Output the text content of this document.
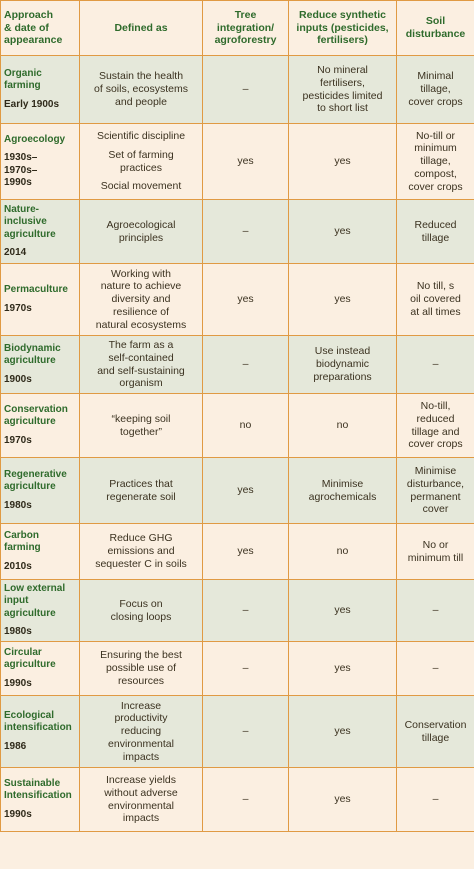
Approach
& date of
appearance	Defined as	Tree
integration/
agroforestry	Reduce synthetic
inputs (pesticides,
fertilisers)	Soil
disturbance

Organic
farming
Early 1900s	Sustain the health
of soils, ecosystems
and people	–	No mineral
fertilisers,
pesticides limited
to short list	Minimal
tillage,
cover crops

Agroecology
1930s–
1970s–
1990s	Scientific discipline
Set of farming
practices
Social movement	yes	yes	No-till or
minimum
tillage,
compost,
cover crops

Nature-
inclusive
agriculture
2014	Agroecological
principles	–	yes	Reduced
tillage

Permaculture
1970s	Working with
nature to achieve
diversity and
resilience of
natural ecosystems	yes	yes	No till, s
oil covered
at all times

Biodynamic
agriculture
1900s	The farm as a
self-contained
and self-sustaining
organism	–	Use instead
biodynamic
preparations	–

Conservation
agriculture
1970s	“keeping soil
together”	no	no	No-till,
reduced
tillage and
cover crops

Regenerative
agriculture
1980s	Practices that
regenerate soil	yes	Minimise
agrochemicals	Minimise
disturbance,
permanent
cover

Carbon
farming
2010s	Reduce GHG
emissions and
sequester C in soils	yes	no	No or
minimum till

Low external
input
agriculture
1980s	Focus on
closing loops	–	yes	–

Circular
agriculture
1990s	Ensuring the best
possible use of
resources	–	yes	–

Ecological
intensification
1986	Increase
productivity
reducing
environmental
impacts	–	yes	Conservation
tillage

Sustainable
Intensification
1990s	Increase yields
without adverse
environmental
impacts	–	yes	–
